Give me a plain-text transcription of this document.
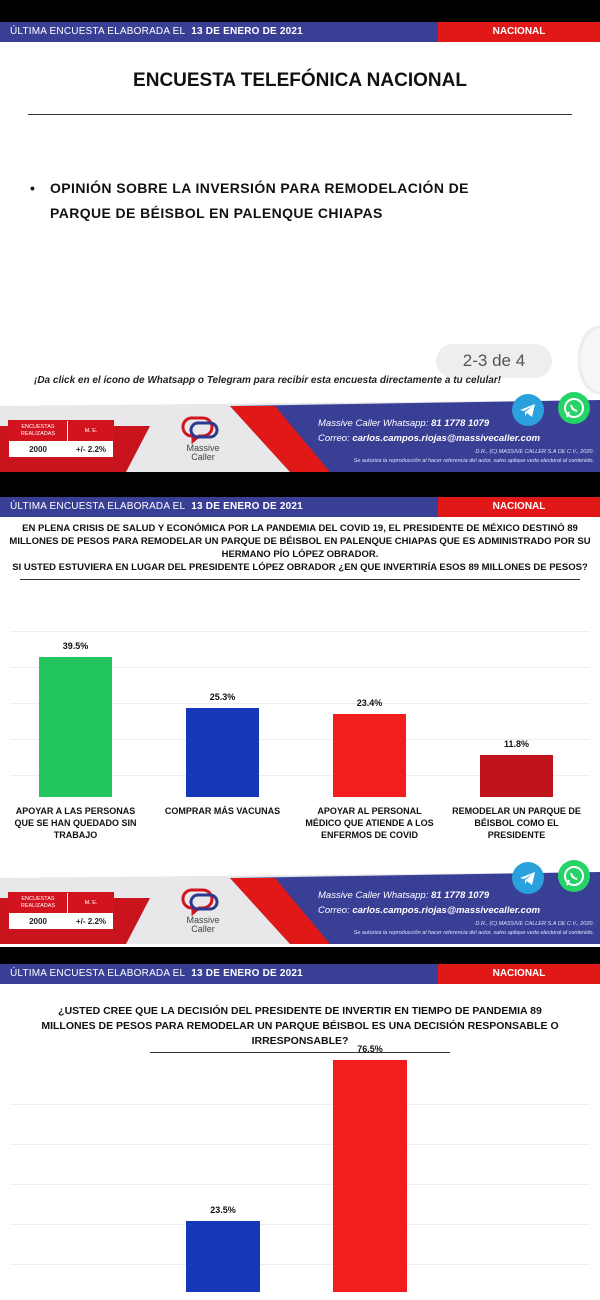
ÚLTIMA ENCUESTA ELABORADA EL 13 DE ENERO DE 2021	NACIONAL
ENCUESTA TELEFÓNICA NACIONAL
• OPINIÓN SOBRE LA INVERSIÓN PARA REMODELACIÓN DE
PARQUE DE BÉISBOL EN PALENQUE CHIAPAS
2-3 de 4
¡Da click en el ícono de Whatsapp o Telegram para recibir esta encuesta directamente a tu celular!
ENCUESTAS REALIZADAS	M. E.
2000	+/- 2.2%	Massive
Caller
Massive Caller Whatsapp: 81 1778 1079
Correo: carlos.campos.riojas@massivecaller.com
D.R., (C) MASSIVE CALLER S.A DE C.V., 2020.
Se autoriza la reproducción al hacer referencia del autor, salvo aplique veda electoral al contenido.
ÚLTIMA ENCUESTA ELABORADA EL 13 DE ENERO DE 2021	NACIONAL
EN PLENA CRISIS DE SALUD Y ECONÓMICA POR LA PANDEMIA DEL COVID 19, EL PRESIDENTE DE MÉXICO DESTINÓ 89
MILLONES DE PESOS PARA REMODELAR UN PARQUE DE BÉISBOL EN PALENQUE CHIAPAS QUE ES ADMINISTRADO POR SU
HERMANO PÍO LÓPEZ OBRADOR.
SI USTED ESTUVIERA EN LUGAR DEL PRESIDENTE LÓPEZ OBRADOR ¿EN QUE INVERTIRÍA ESOS 89 MILLONES DE PESOS?
39.5%
APOYAR A LAS PERSONAS QUE SE HAN QUEDADO SIN TRABAJO
25.3%
COMPRAR MÁS VACUNAS
23.4%
APOYAR AL PERSONAL MÉDICO QUE ATIENDE A LOS ENFERMOS DE COVID
11.8%
REMODELAR UN PARQUE DE BÉISBOL COMO EL PRESIDENTE
ENCUESTAS REALIZADAS	M. E.
2000	+/- 2.2%	Massive
Caller
Massive Caller Whatsapp: 81 1778 1079
Correo: carlos.campos.riojas@massivecaller.com
D.R., (C) MASSIVE CALLER S.A DE C.V., 2020.
Se autoriza la reproducción al hacer referencia del autor, salvo aplique veda electoral al contenido.
ÚLTIMA ENCUESTA ELABORADA EL 13 DE ENERO DE 2021	NACIONAL
¿USTED CREE QUE LA DECISIÓN DEL PRESIDENTE DE INVERTIR EN TIEMPO DE PANDEMIA 89
MILLONES DE PESOS PARA REMODELAR UN PARQUE BÉISBOL ES UNA DECISIÓN RESPONSABLE O
IRRESPONSABLE?
23.5%
76.5%
